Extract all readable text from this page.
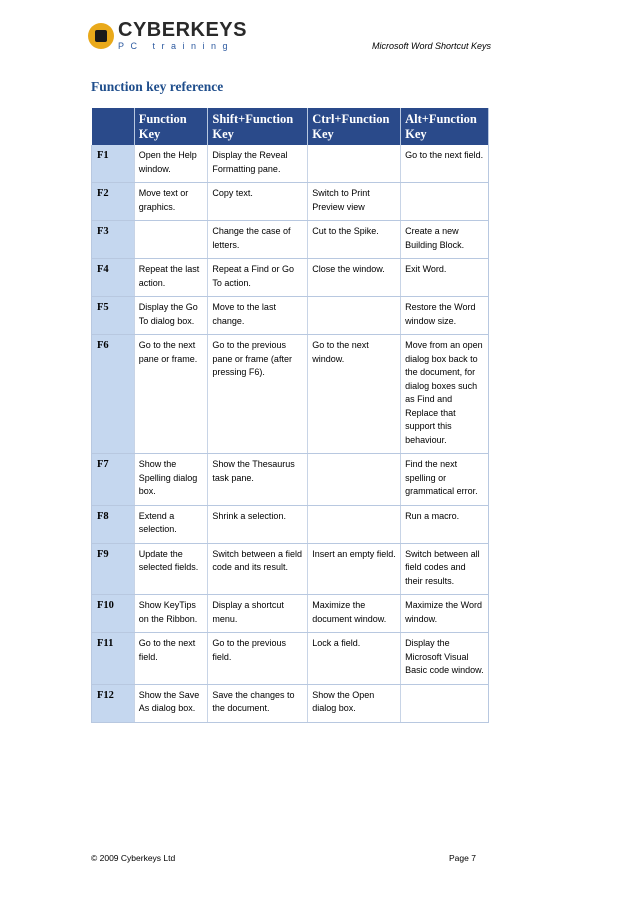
CYBERKEYS
PC training	Microsoft Word Shortcut Keys
Function key reference
	Function Key	Shift+Function Key	Ctrl+Function Key	Alt+Function Key
F1	Open the Help window.	Display the Reveal Formatting pane.		Go to the next field.
F2	Move text or graphics.	Copy text.	Switch to Print Preview view	
F3		Change the case of letters.	Cut to the Spike.	Create a new Building Block.
F4	Repeat the last action.	Repeat a Find or Go To action.	Close the window.	Exit Word.
F5	Display the Go To dialog box.	Move to the last change.		Restore the Word window size.
F6	Go to the next pane or frame.	Go to the previous pane or frame (after pressing F6).	Go to the next window.	Move from an open dialog box back to the document, for dialog boxes such as Find and Replace that support this behaviour.
F7	Show the Spelling dialog box.	Show the Thesaurus task pane.		Find the next spelling or grammatical error.
F8	Extend a selection.	Shrink a selection.		Run a macro.
F9	Update the selected fields.	Switch between a field code and its result.	Insert an empty field.	Switch between all field codes and their results.
F10	Show KeyTips on the Ribbon.	Display a shortcut menu.	Maximize the document window.	Maximize the Word window.
F11	Go to the next field.	Go to the previous field.	Lock a field.	Display the Microsoft Visual Basic code window.
F12	Show the Save As dialog box.	Save the changes to the document.	Show the Open dialog box.	
© 2009 Cyberkeys Ltd	Page 7
